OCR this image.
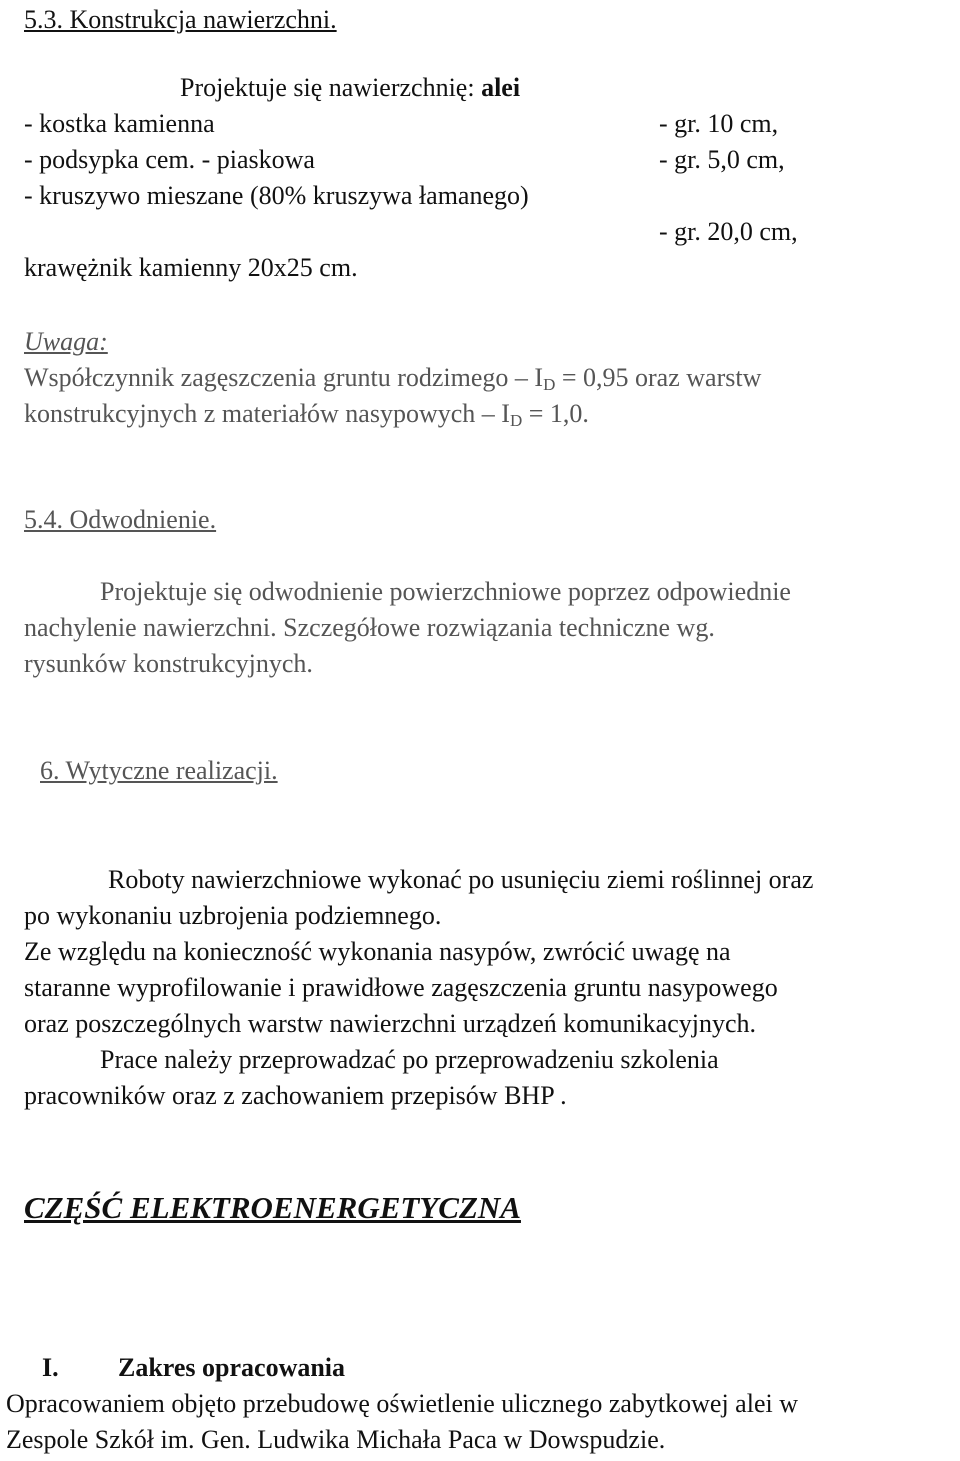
5.3. Konstrukcja nawierzchni.
Projektuje się nawierzchnię: alei
- kostka kamienna	- gr. 10 cm,
- podsypka cem. - piaskowa	- gr. 5,0 cm,
- kruszywo mieszane (80% kruszywa łamanego)
- gr. 20,0 cm,
krawężnik kamienny 20x25 cm.
Uwaga:
Współczynnik zagęszczenia gruntu rodzimego – $I_D = 0,95$ oraz warstw
konstrukcyjnych z materiałów nasypowych – $I_D = 1,0$.
5.4. Odwodnienie.
Projektuje się odwodnienie powierzchniowe poprzez odpowiednie
nachylenie nawierzchni. Szczegółowe rozwiązania techniczne wg.
rysunków konstrukcyjnych.
6. Wytyczne realizacji.
Roboty nawierzchniowe wykonać po usunięciu ziemi roślinnej oraz
po wykonaniu uzbrojenia podziemnego.
Ze względu na konieczność wykonania nasypów, zwrócić uwagę na
staranne wyprofilowanie i prawidłowe zagęszczenia gruntu nasypowego
oraz poszczególnych warstw nawierzchni urządzeń komunikacyjnych.
Prace należy przeprowadzać po przeprowadzeniu szkolenia
pracowników oraz z zachowaniem przepisów BHP .
CZĘŚĆ ELEKTROENERGETYCZNA
I. Zakres opracowania
Opracowaniem objęto przebudowę oświetlenie ulicznego zabytkowej alei w
Zespole Szkół im. Gen. Ludwika Michała Paca w Dowspudzie.
